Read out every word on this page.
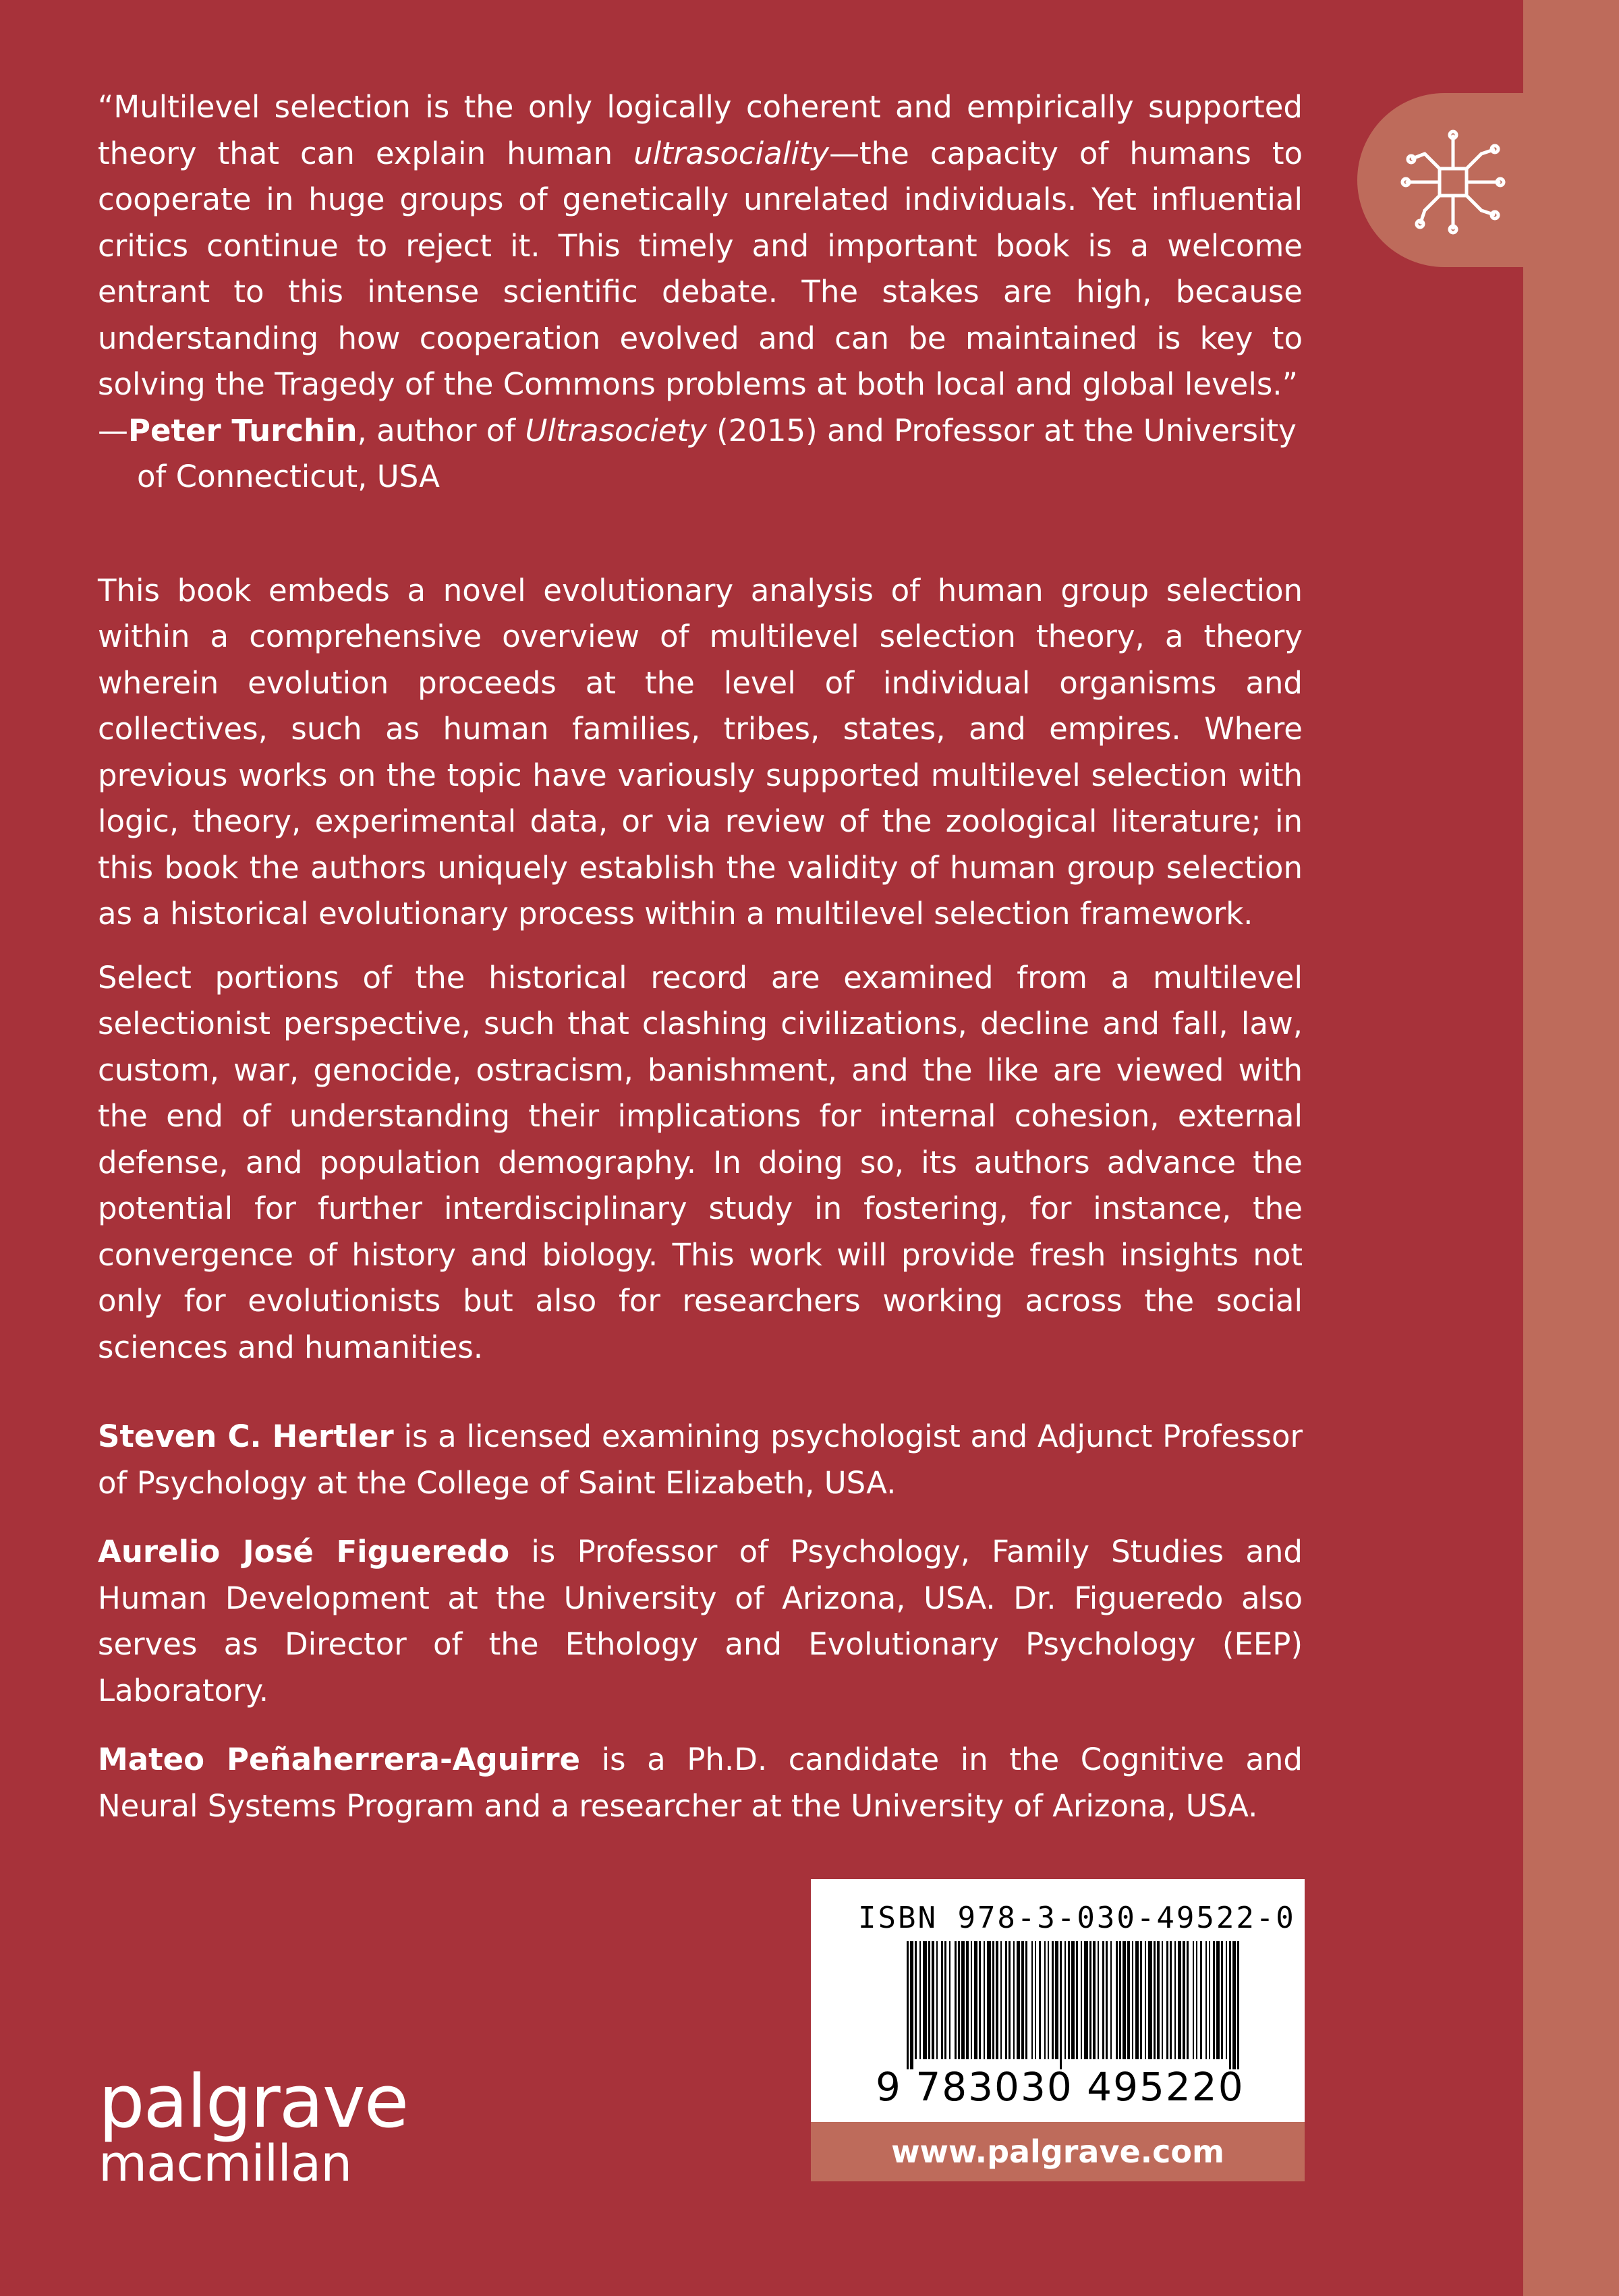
“Multilevel selection is the only logically coherent and empirically supported theory that can explain human ultrasociality—the capacity of humans to cooperate in huge groups of genetically unrelated individuals. Yet influential critics continue to reject it. This timely and important book is a welcome entrant to this intense scientific debate. The stakes are high, because understanding how cooperation evolved and can be maintained is key to solving the Tragedy of the Commons problems at both local and global levels.”

—Peter Turchin, author of Ultrasociety (2015) and Professor at the University of Connecticut, USA

This book embeds a novel evolutionary analysis of human group selection within a comprehensive overview of multilevel selection theory, a theory wherein evolution proceeds at the level of individual organisms and collectives, such as human families, tribes, states, and empires. Where previous works on the topic have variously supported multilevel selection with logic, theory, experimental data, or via review of the zoological literature; in this book the authors uniquely establish the validity of human group selection as a historical evolutionary process within a multilevel selection framework.

Select portions of the historical record are examined from a multilevel selectionist perspective, such that clashing civilizations, decline and fall, law, custom, war, genocide, ostracism, banishment, and the like are viewed with the end of understanding their implications for internal cohesion, external defense, and population demography. In doing so, its authors advance the potential for further interdisciplinary study in fostering, for instance, the convergence of history and biology. This work will provide fresh insights not only for evolutionists but also for researchers working across the social sciences and humanities.

Steven C. Hertler is a licensed examining psychologist and Adjunct Professor of Psychology at the College of Saint Elizabeth, USA.

Aurelio José Figueredo is Professor of Psychology, Family Studies and Human Development at the University of Arizona, USA. Dr. Figueredo also serves as Director of the Ethology and Evolutionary Psychology (EEP) Laboratory.

Mateo Peñaherrera-Aguirre is a Ph.D. candidate in the Cognitive and Neural Systems Program and a researcher at the University of Arizona, USA.

palgrave
macmillan
ISBN 978-3-030-49522-0
9 783030 495220
www.palgrave.com
